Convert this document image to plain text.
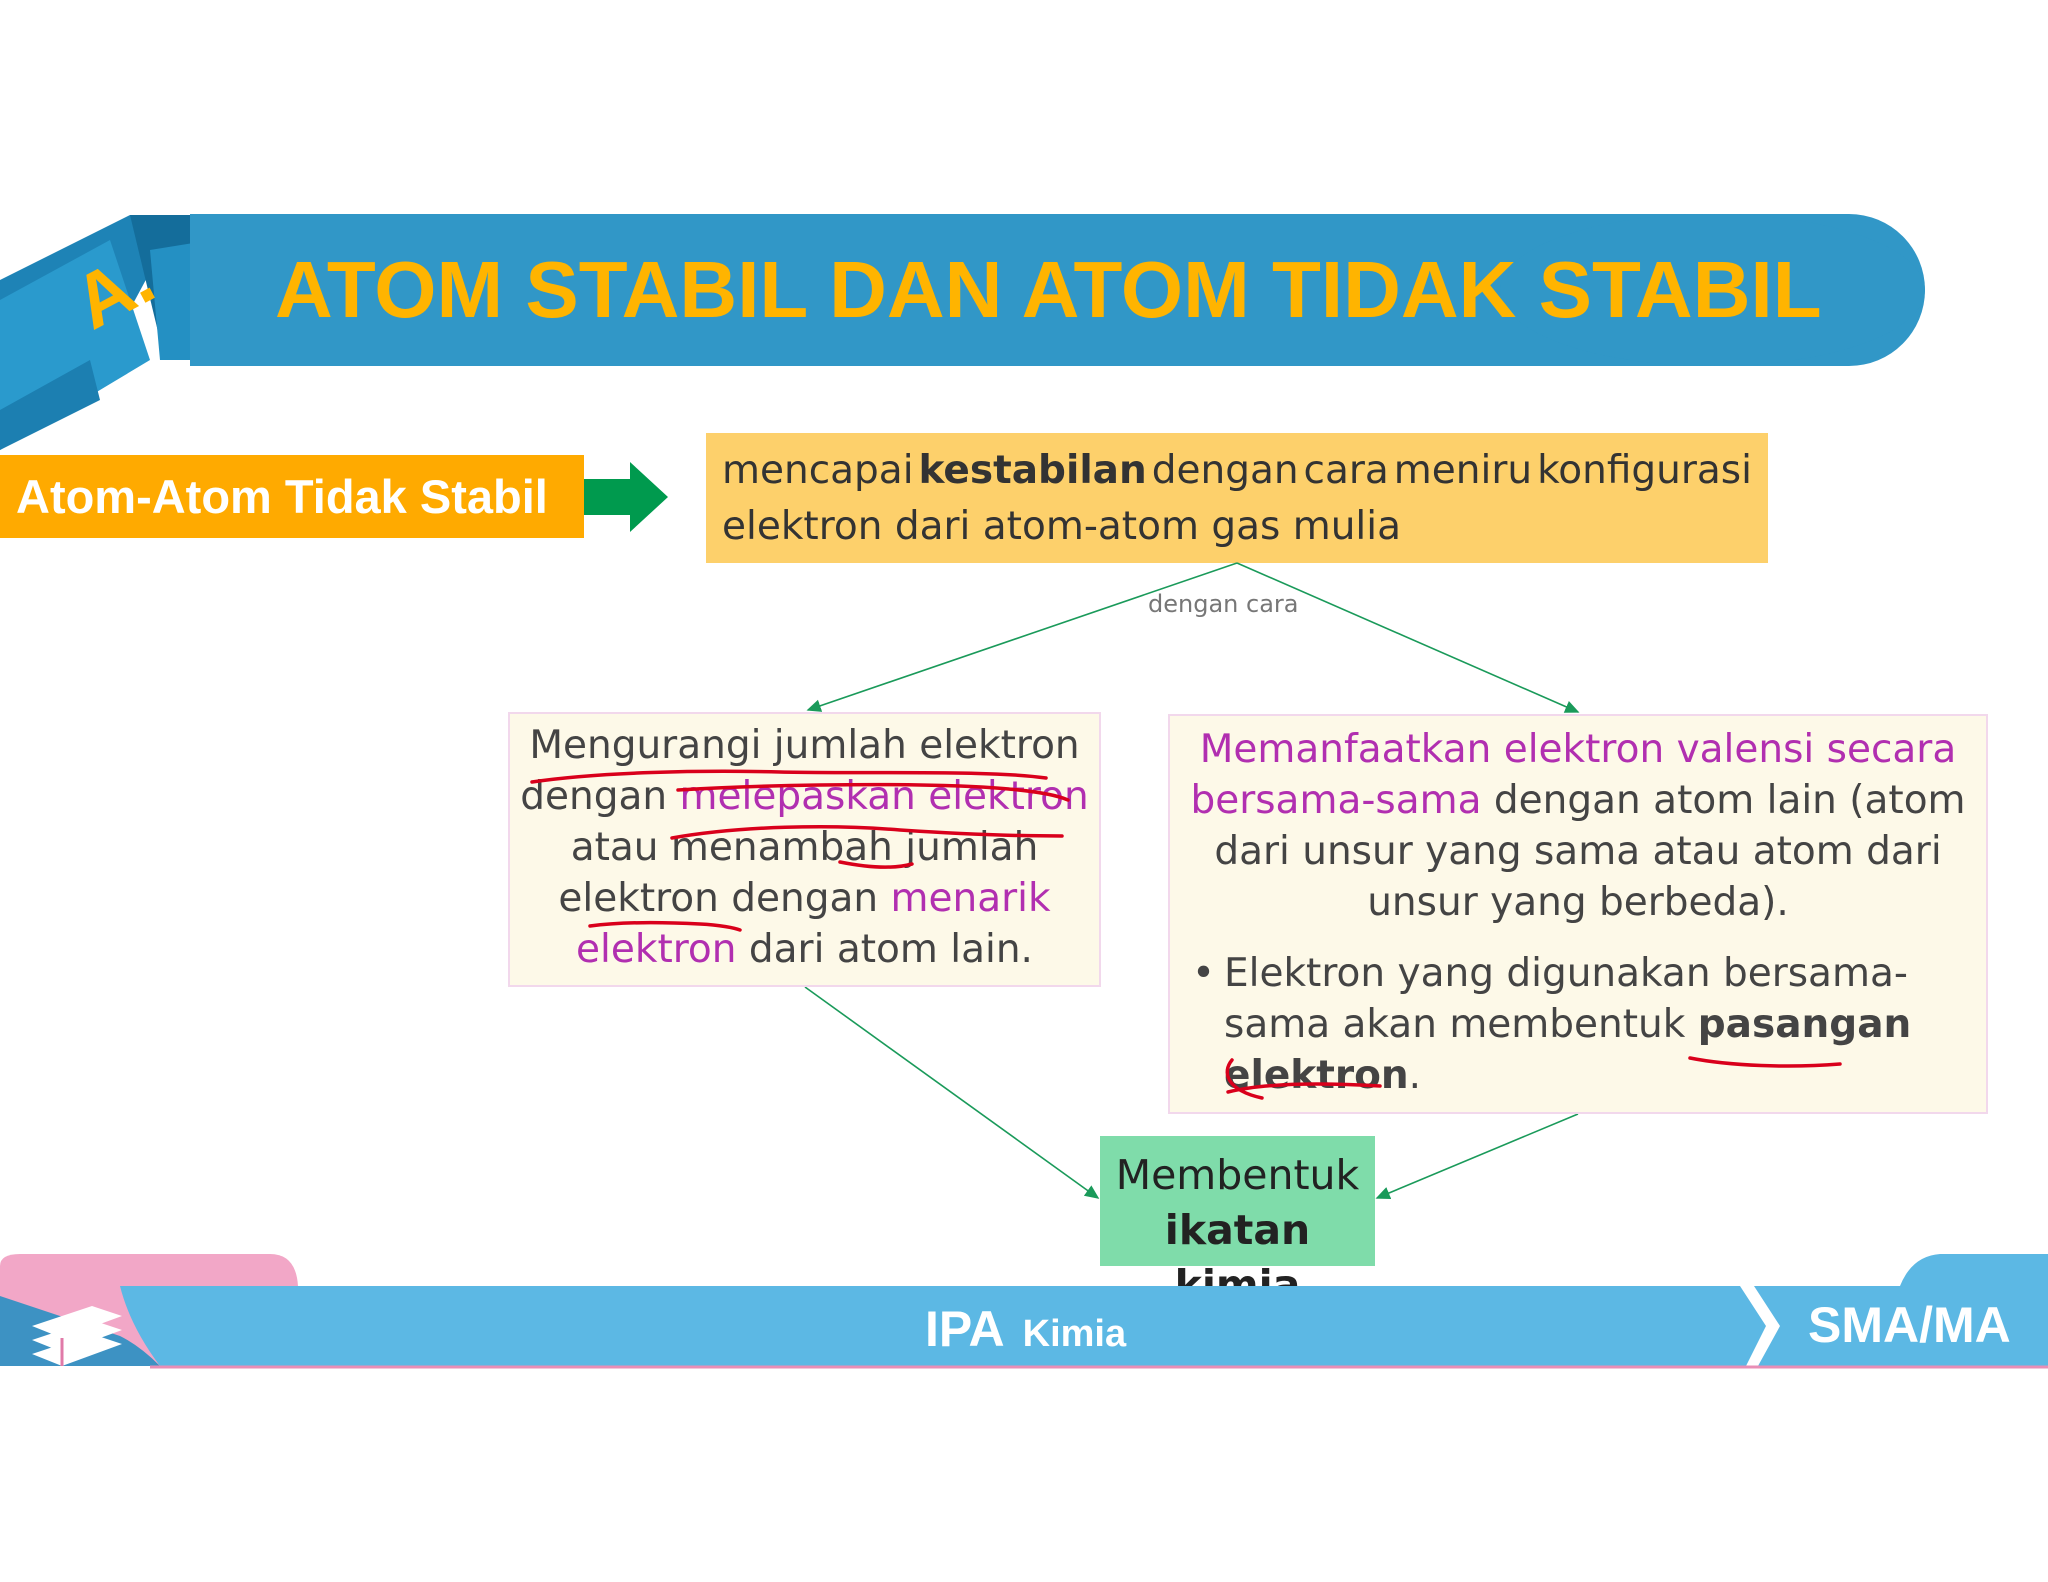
A.	ATOM STABIL DAN ATOM TIDAK STABIL
Atom-Atom Tidak Stabil	mencapai kestabilan dengan cara meniru konfigurasi
elektron dari atom-atom gas mulia
dengan cara
Mengurangi jumlah elektron
dengan melepaskan elektron
atau menambah jumlah
elektron dengan menarik
elektron dari atom lain.
Memanfaatkan elektron valensi secara bersama-sama dengan atom lain (atom dari unsur yang sama atau atom dari unsur yang berbeda).
• Elektron yang digunakan bersama-sama akan membentuk pasangan elektron.
Membentuk
ikatan kimia
IPA Kimia	SMA/MA
